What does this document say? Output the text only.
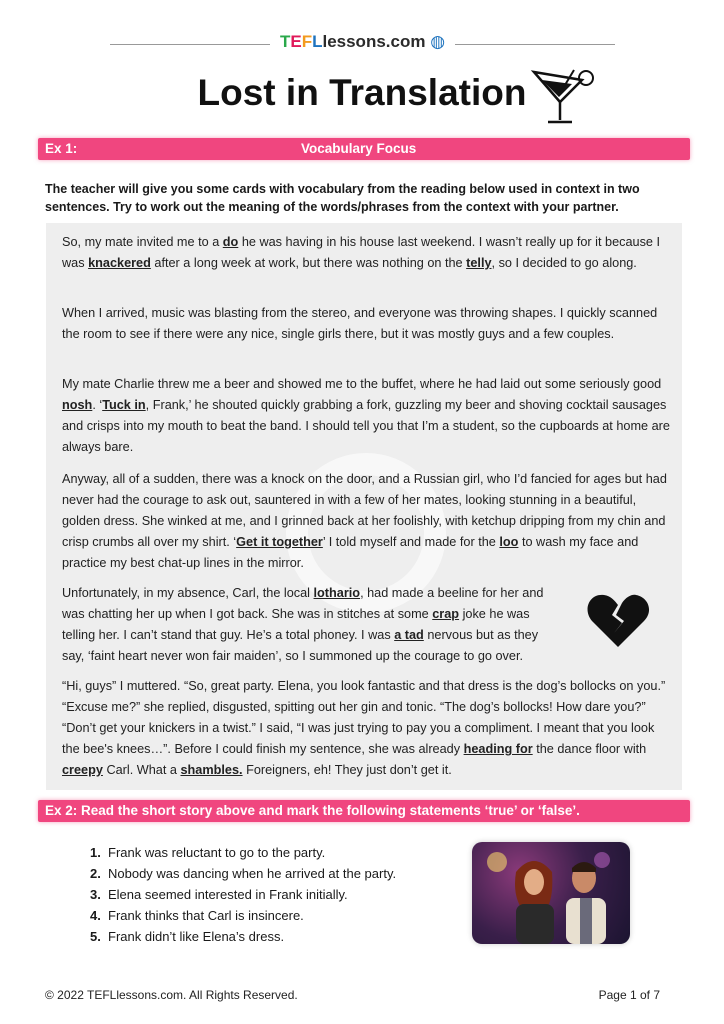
TEFLlessons.com ◍
Lost in Translation
Ex 1:	Vocabulary Focus
The teacher will give you some cards with vocabulary from the reading below used in context in two sentences. Try to work out the meaning of the words/phrases from the context with your partner.
So, my mate invited me to a do he was having in his house last weekend. I wasn’t really up for it because I was knackered after a long week at work, but there was nothing on the telly, so I decided to go along.
When I arrived, music was blasting from the stereo, and everyone was throwing shapes. I quickly scanned the room to see if there were any nice, single girls there, but it was mostly guys and a few couples.
My mate Charlie threw me a beer and showed me to the buffet, where he had laid out some seriously good nosh. ‘Tuck in, Frank,’ he shouted quickly grabbing a fork, guzzling my beer and shoving cocktail sausages and crisps into my mouth to beat the band. I should tell you that I’m a student, so the cupboards at home are always bare.
Anyway, all of a sudden, there was a knock on the door, and a Russian girl, who I’d fancied for ages but had never had the courage to ask out, sauntered in with a few of her mates, looking stunning in a beautiful, golden dress. She winked at me, and I grinned back at her foolishly, with ketchup dripping from my chin and crisp crumbs all over my shirt. ‘Get it together’ I told myself and made for the loo to wash my face and practice my best chat-up lines in the mirror.
Unfortunately, in my absence, Carl, the local lothario, had made a beeline for her and was chatting her up when I got back. She was in stitches at some crap joke he was telling her. I can’t stand that guy. He’s a total phoney. I was a tad nervous but as they say, ‘faint heart never won fair maiden’, so I summoned up the courage to go over.
“Hi, guys” I muttered. “So, great party. Elena, you look fantastic and that dress is the dog’s bollocks on you.” “Excuse me?” she replied, disgusted, spitting out her gin and tonic. “The dog’s bollocks! How dare you?” “Don’t get your knickers in a twist.” I said, “I was just trying to pay you a compliment. I meant that you look the bee's knees…”. Before I could finish my sentence, she was already heading for the dance floor with creepy Carl. What a shambles. Foreigners, eh! They just don’t get it.
Ex 2: Read the short story above and mark the following statements ‘true’ or ‘false’.
1. Frank was reluctant to go to the party.
2. Nobody was dancing when he arrived at the party.
3. Elena seemed interested in Frank initially.
4. Frank thinks that Carl is insincere.
5. Frank didn’t like Elena’s dress.
© 2022 TEFLlessons.com. All Rights Reserved.	Page 1 of 7
